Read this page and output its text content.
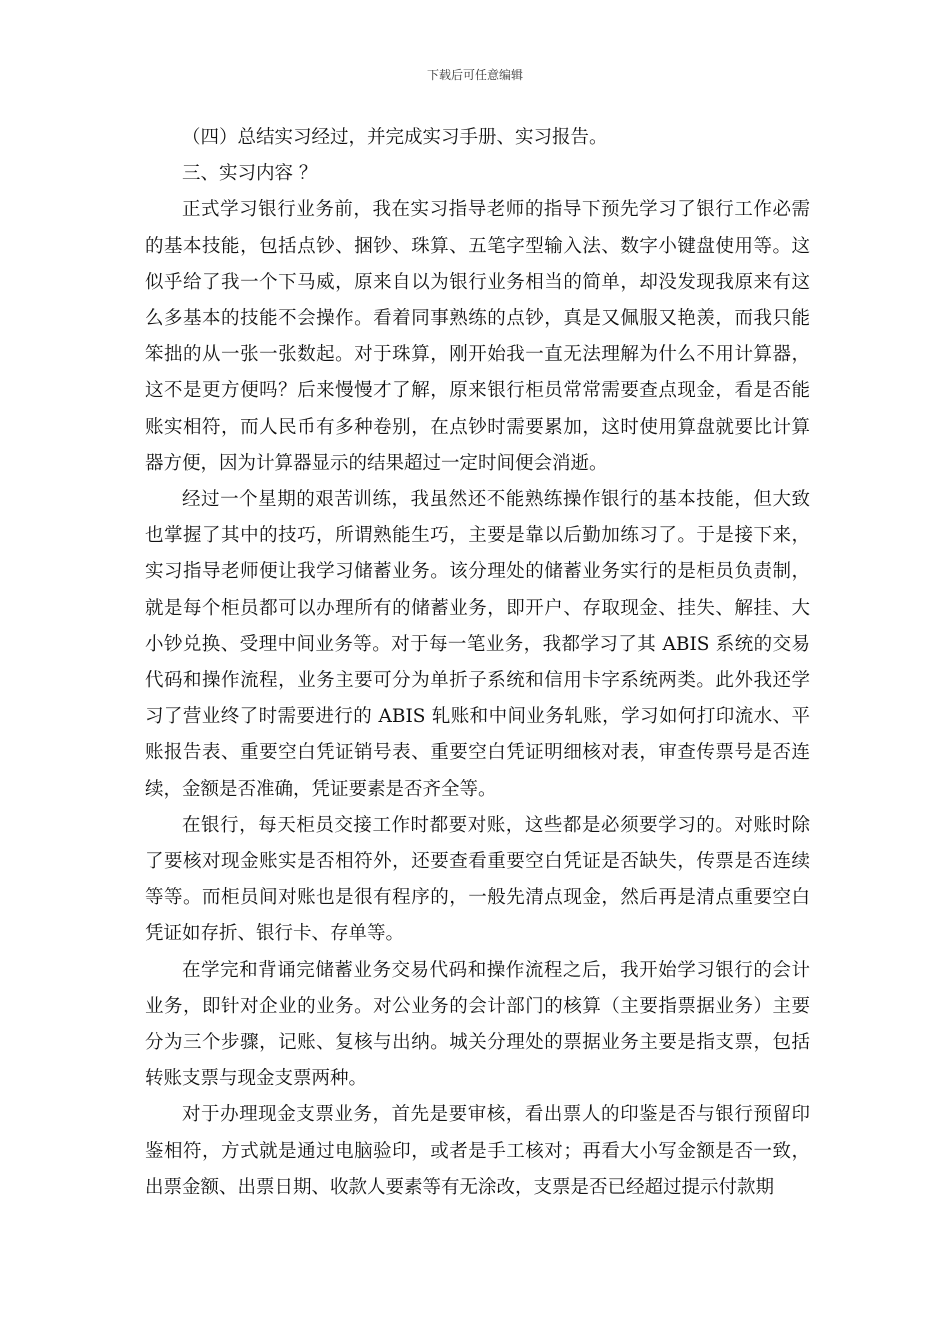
下载后可任意编辑

（四）总结实习经过，并完成实习手册、实习报告。

三、实习内容 ？

正式学习银行业务前，我在实习指导老师的指导下预先学习了银行工作必需的基本技能，包括点钞、捆钞、珠算、五笔字型输入法、数字小键盘使用等。这似乎给了我一个下马威，原来自以为银行业务相当的简单，却没发现我原来有这么多基本的技能不会操作。看着同事熟练的点钞，真是又佩服又艳羡，而我只能笨拙的从一张一张数起。对于珠算，刚开始我一直无法理解为什么不用计算器，这不是更方便吗？后来慢慢才了解，原来银行柜员常常需要查点现金，看是否能账实相符，而人民币有多种卷别，在点钞时需要累加，这时使用算盘就要比计算器方便，因为计算器显示的结果超过一定时间便会消逝。

经过一个星期的艰苦训练，我虽然还不能熟练操作银行的基本技能，但大致也掌握了其中的技巧，所谓熟能生巧，主要是靠以后勤加练习了。于是接下来，实习指导老师便让我学习储蓄业务。该分理处的储蓄业务实行的是柜员负责制，就是每个柜员都可以办理所有的储蓄业务，即开户、存取现金、挂失、解挂、大小钞兑换、受理中间业务等。对于每一笔业务，我都学习了其 ABIS 系统的交易代码和操作流程，业务主要可分为单折子系统和信用卡字系统两类。此外我还学习了营业终了时需要进行的 ABIS 轧账和中间业务轧账，学习如何打印流水、平账报告表、重要空白凭证销号表、重要空白凭证明细核对表，审查传票号是否连续，金额是否准确，凭证要素是否齐全等。

在银行，每天柜员交接工作时都要对账，这些都是必须要学习的。对账时除了要核对现金账实是否相符外，还要查看重要空白凭证是否缺失，传票是否连续等等。而柜员间对账也是很有程序的，一般先清点现金，然后再是清点重要空白凭证如存折、银行卡、存单等。

在学完和背诵完储蓄业务交易代码和操作流程之后，我开始学习银行的会计业务，即针对企业的业务。对公业务的会计部门的核算（主要指票据业务）主要分为三个步骤，记账、复核与出纳。城关分理处的票据业务主要是指支票，包括转账支票与现金支票两种。

对于办理现金支票业务，首先是要审核，看出票人的印鉴是否与银行预留印鉴相符，方式就是通过电脑验印，或者是手工核对；再看大小写金额是否一致，出票金额、出票日期、收款人要素等有无涂改，支票是否已经超过提示付款期
